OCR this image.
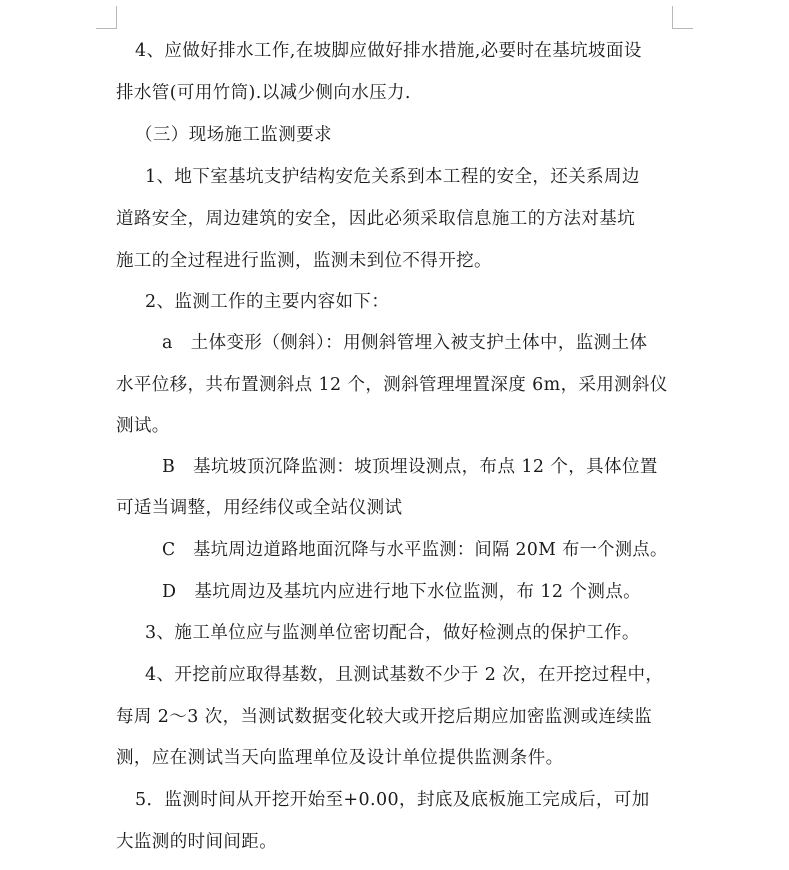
4、应做好排水工作,在坡脚应做好排水措施,必要时在基坑坡面设
排水管(可用竹筒).以减少侧向水压力.
（三）现场施工监测要求
1、地下室基坑支护结构安危关系到本工程的安全，还关系周边
道路安全，周边建筑的安全，因此必须采取信息施工的方法对基坑
施工的全过程进行监测，监测未到位不得开挖。
2、监测工作的主要内容如下：
a　土体变形（侧斜）：用侧斜管埋入被支护土体中，监测土体
水平位移，共布置测斜点 12 个，测斜管理埋置深度 6m，采用测斜仪
测试。
B　基坑坡顶沉降监测：坡顶埋设测点，布点 12 个，具体位置
可适当调整，用经纬仪或全站仪测试
C　基坑周边道路地面沉降与水平监测：间隔 20M 布一个测点。
D　基坑周边及基坑内应进行地下水位监测，布 12 个测点。
3、施工单位应与监测单位密切配合，做好检测点的保护工作。
4、开挖前应取得基数，且测试基数不少于 2 次，在开挖过程中，
每周 2～3 次，当测试数据变化较大或开挖后期应加密监测或连续监
测，应在测试当天向监理单位及设计单位提供监测条件。
5．监测时间从开挖开始至+0.00，封底及底板施工完成后，可加
大监测的时间间距。
